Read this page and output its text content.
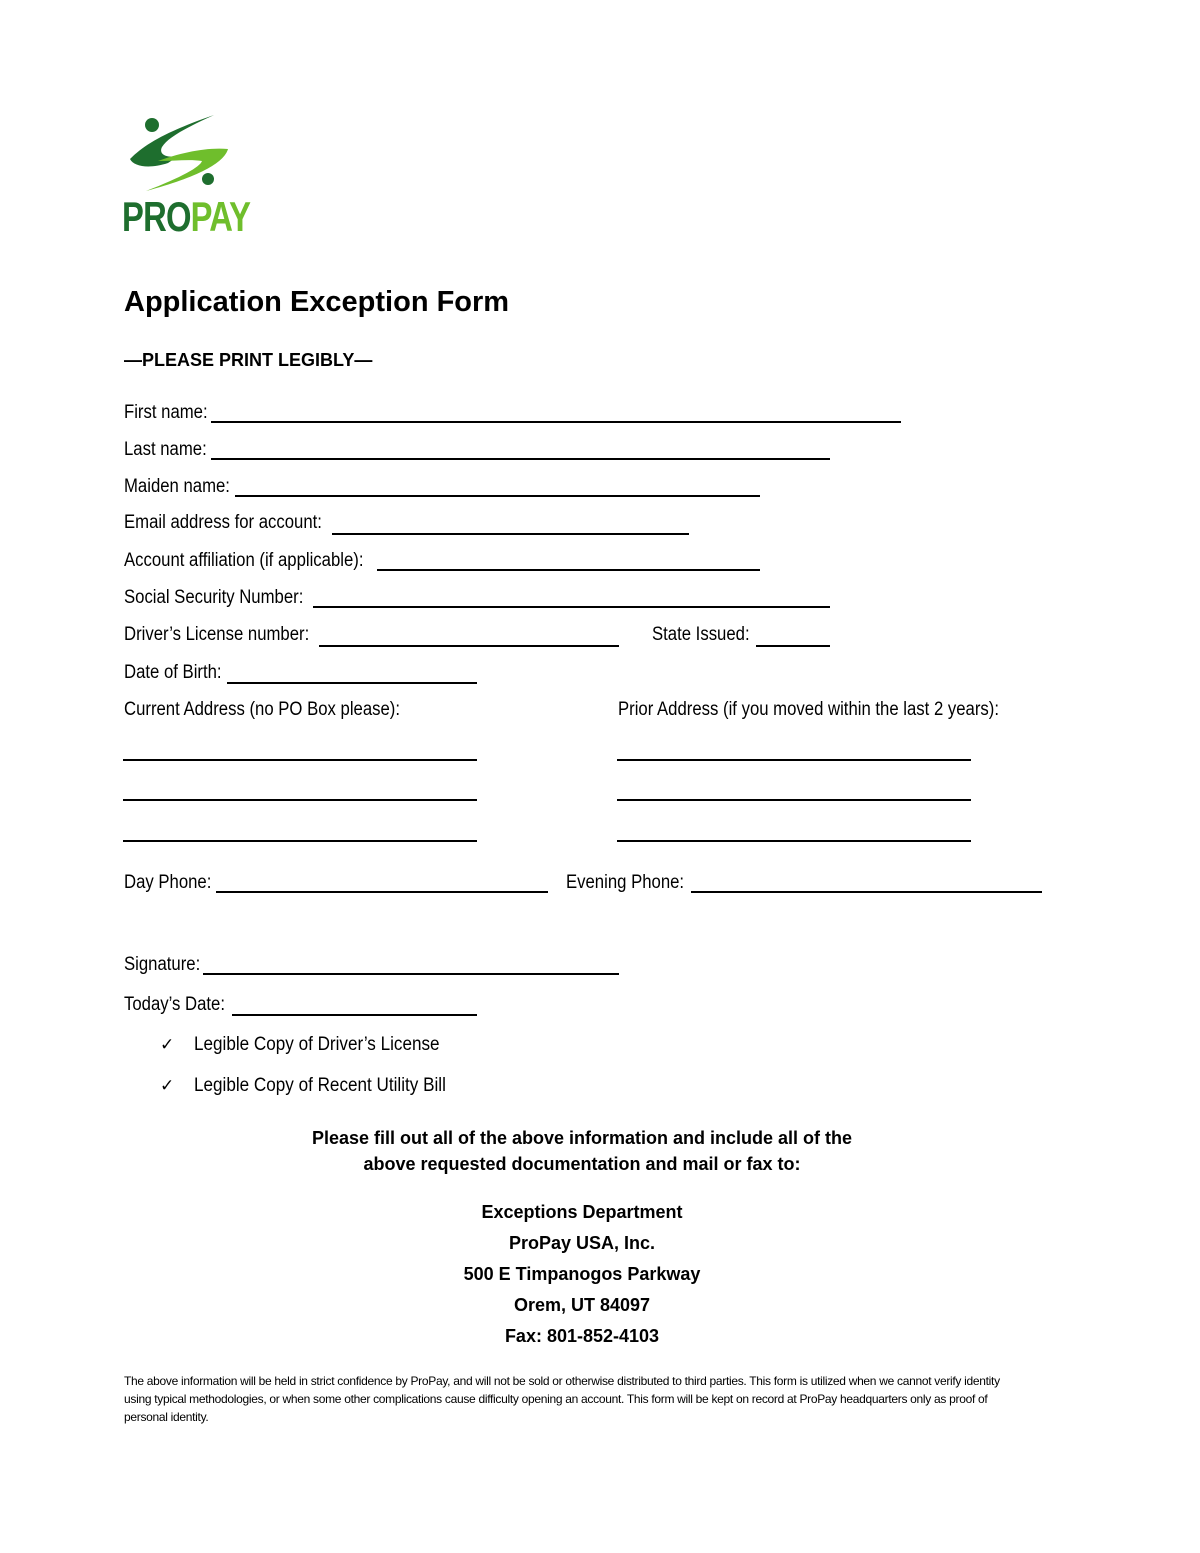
PROPAY
Application Exception Form
—PLEASE PRINT LEGIBLY—
First name:
Last name:
Maiden name:
Email address for account:
Account affiliation (if applicable):
Social Security Number:
Driver’s License number:	State Issued:
Date of Birth:
Current Address (no PO Box please):	Prior Address (if you moved within the last 2 years):
Day Phone:	Evening Phone:
Signature:
Today’s Date:
✓	Legible Copy of Driver’s License
✓	Legible Copy of Recent Utility Bill
Please fill out all of the above information and include all of the
above requested documentation and mail or fax to:
Exceptions Department
ProPay USA, Inc.
500 E Timpanogos Parkway
Orem, UT 84097
Fax: 801-852-4103
The above information will be held in strict confidence by ProPay, and will not be sold or otherwise distributed to third parties. This form is utilized when we cannot verify identity using typical methodologies, or when some other complications cause difficulty opening an account. This form will be kept on record at ProPay headquarters only as proof of personal identity.
